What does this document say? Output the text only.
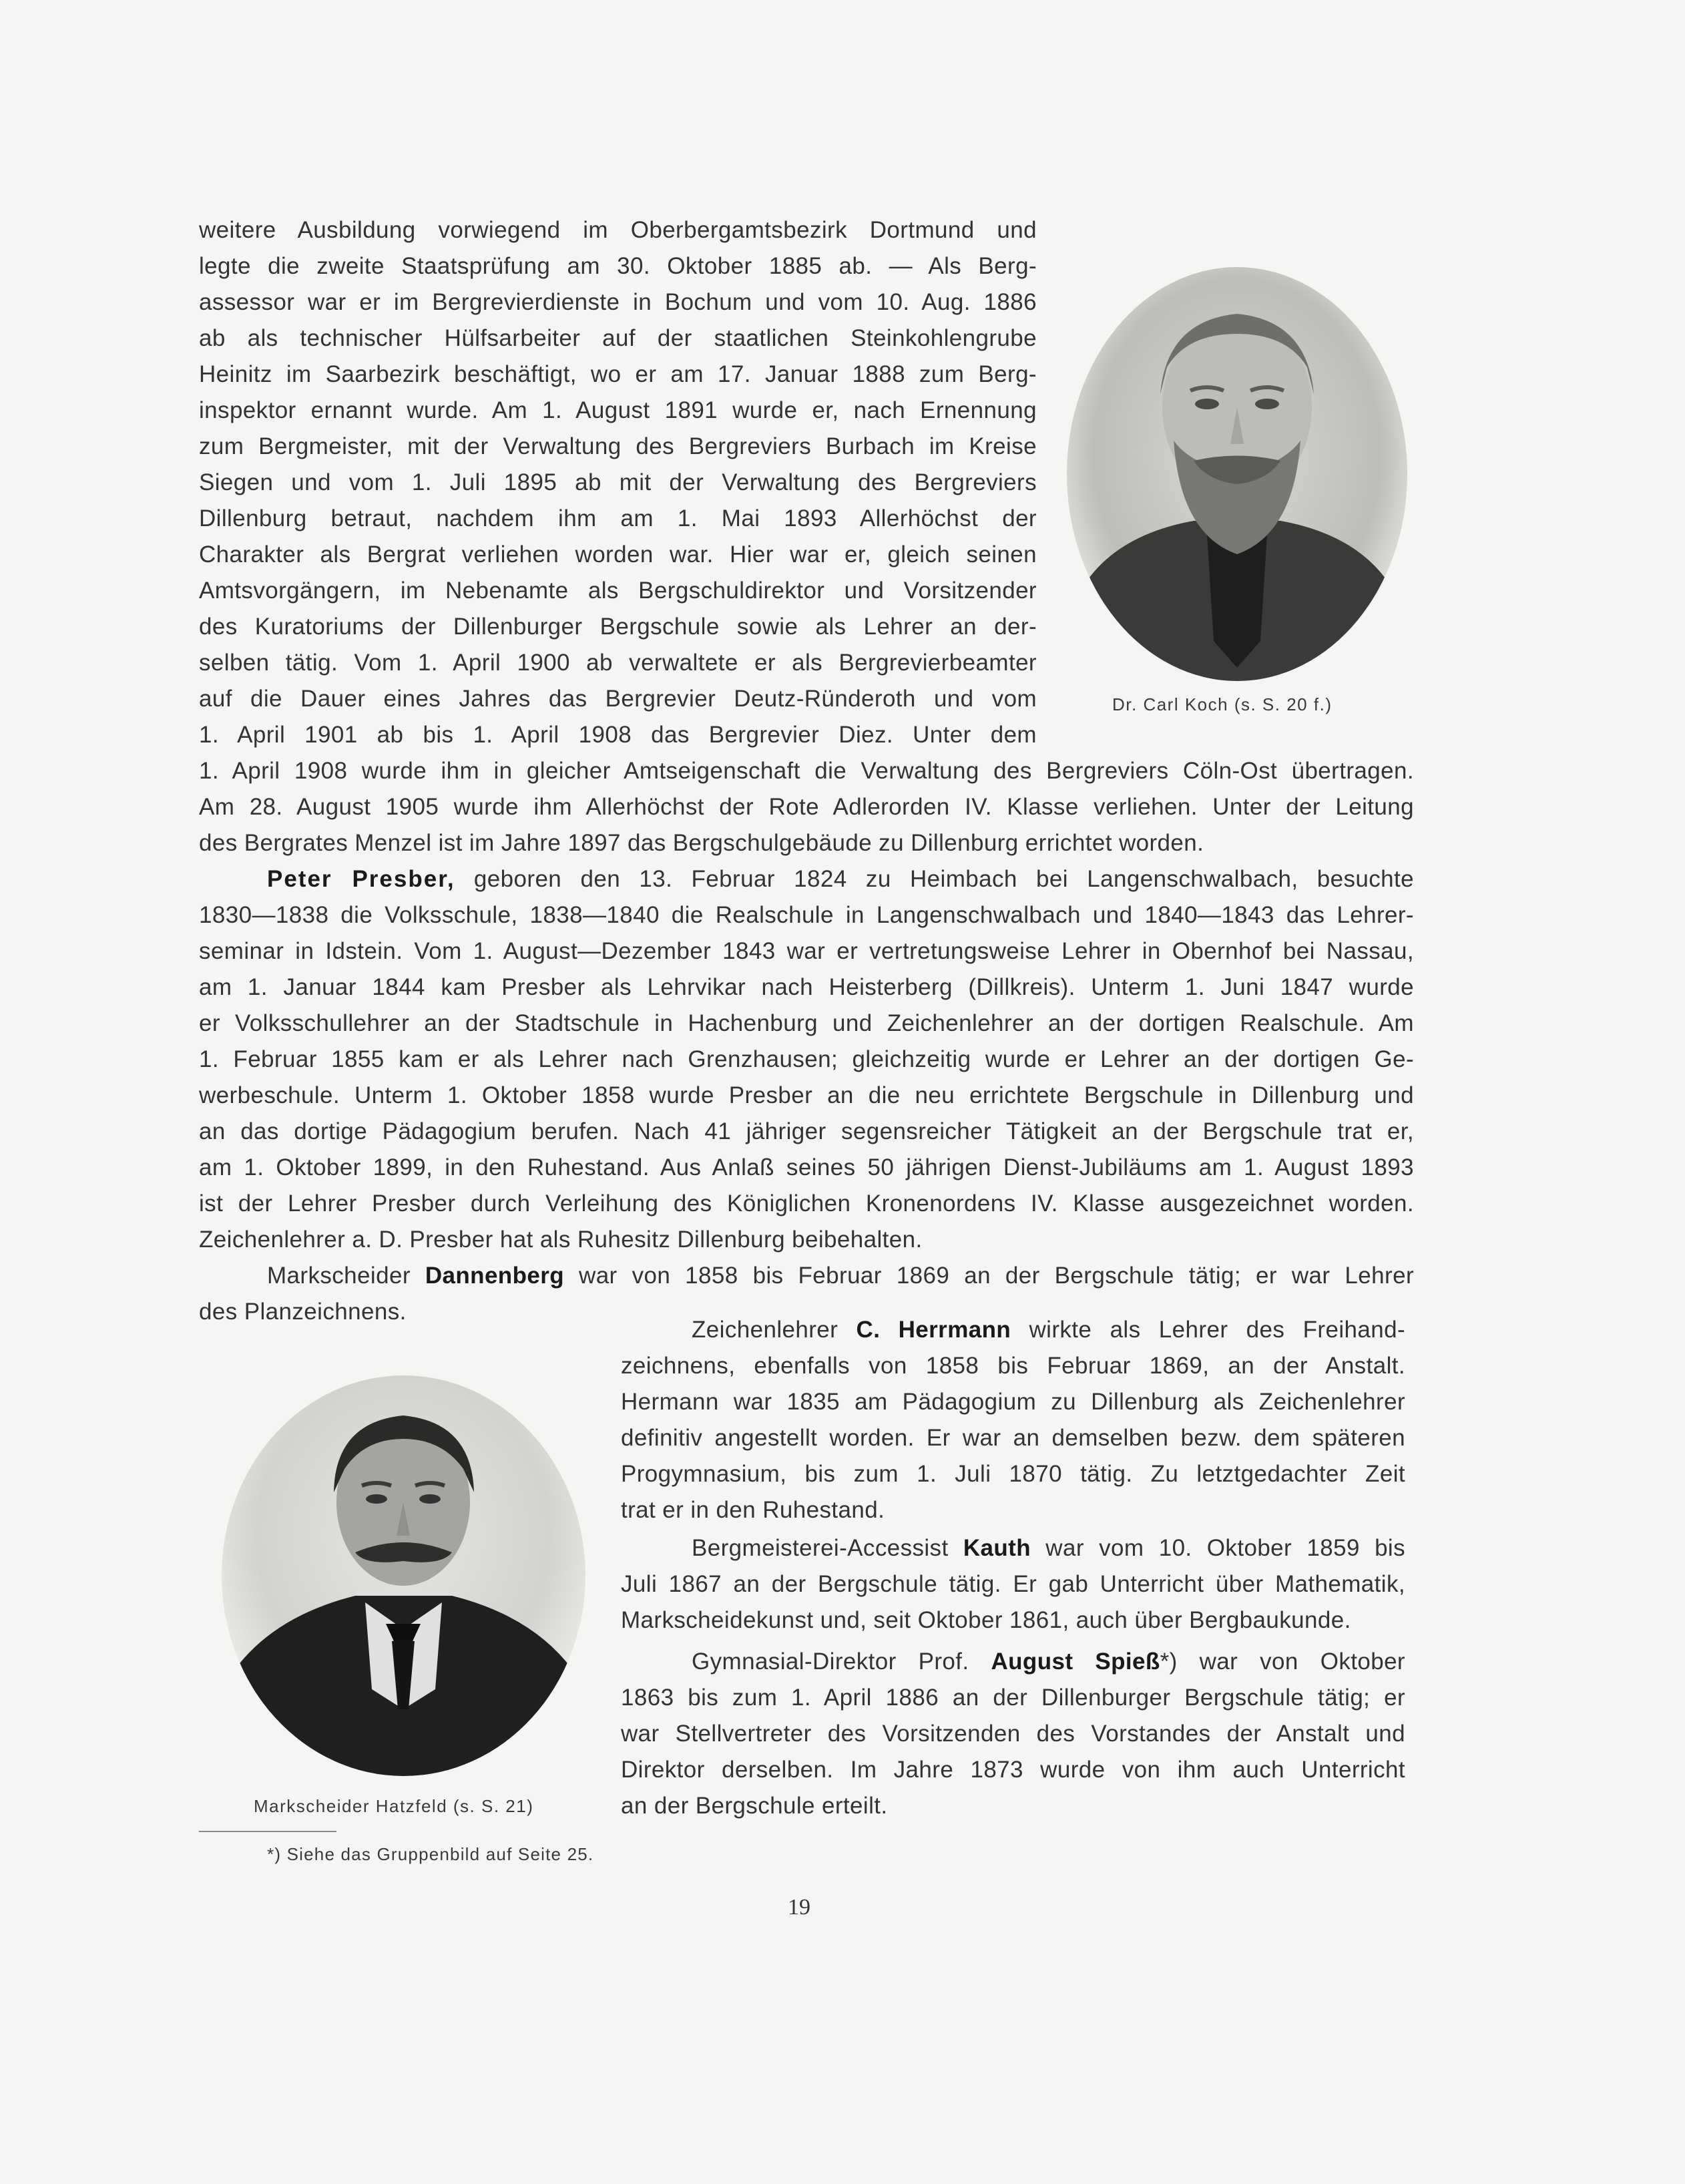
weitere Ausbildung vorwiegend im Oberbergamtsbezirk Dortmund und
legte die zweite Staatsprüfung am 30. Oktober 1885 ab. — Als Berg-
assessor war er im Bergrevierdienste in Bochum und vom 10. Aug. 1886
ab als technischer Hülfsarbeiter auf der staatlichen Steinkohlengrube
Heinitz im Saarbezirk beschäftigt, wo er am 17. Januar 1888 zum Berg-
inspektor ernannt wurde. Am 1. August 1891 wurde er, nach Ernennung
zum Bergmeister, mit der Verwaltung des Bergreviers Burbach im Kreise
Siegen und vom 1. Juli 1895 ab mit der Verwaltung des Bergreviers
Dillenburg betraut, nachdem ihm am 1. Mai 1893 Allerhöchst der
Charakter als Bergrat verliehen worden war. Hier war er, gleich seinen
Amtsvorgängern, im Nebenamte als Bergschuldirektor und Vorsitzender
des Kuratoriums der Dillenburger Bergschule sowie als Lehrer an der-
selben tätig. Vom 1. April 1900 ab verwaltete er als Bergrevierbeamter
auf die Dauer eines Jahres das Bergrevier Deutz-Ründeroth und vom
1. April 1901 ab bis 1. April 1908 das Bergrevier Diez. Unter dem
1. April 1908 wurde ihm in gleicher Amtseigenschaft die Verwaltung des Bergreviers Cöln-Ost übertragen.
Am 28. August 1905 wurde ihm Allerhöchst der Rote Adlerorden IV. Klasse verliehen. Unter der Leitung
des Bergrates Menzel ist im Jahre 1897 das Bergschulgebäude zu Dillenburg errichtet worden.
Peter Presber, geboren den 13. Februar 1824 zu Heimbach bei Langenschwalbach, besuchte
1830—1838 die Volksschule, 1838—1840 die Realschule in Langenschwalbach und 1840—1843 das Lehrer-
seminar in Idstein. Vom 1. August—Dezember 1843 war er vertretungsweise Lehrer in Obernhof bei Nassau,
am 1. Januar 1844 kam Presber als Lehrvikar nach Heisterberg (Dillkreis). Unterm 1. Juni 1847 wurde
er Volksschullehrer an der Stadtschule in Hachenburg und Zeichenlehrer an der dortigen Realschule. Am
1. Februar 1855 kam er als Lehrer nach Grenzhausen; gleichzeitig wurde er Lehrer an der dortigen Ge-
werbeschule. Unterm 1. Oktober 1858 wurde Presber an die neu errichtete Bergschule in Dillenburg und
an das dortige Pädagogium berufen. Nach 41 jähriger segensreicher Tätigkeit an der Bergschule trat er,
am 1. Oktober 1899, in den Ruhestand. Aus Anlaß seines 50 jährigen Dienst-Jubiläums am 1. August 1893
ist der Lehrer Presber durch Verleihung des Königlichen Kronenordens IV. Klasse ausgezeichnet worden.
Zeichenlehrer a. D. Presber hat als Ruhesitz Dillenburg beibehalten.
Markscheider Dannenberg war von 1858 bis Februar 1869 an der Bergschule tätig; er war Lehrer
des Planzeichnens.
Zeichenlehrer C. Herrmann wirkte als Lehrer des Freihand-
zeichnens, ebenfalls von 1858 bis Februar 1869, an der Anstalt.
Hermann war 1835 am Pädagogium zu Dillenburg als Zeichenlehrer
definitiv angestellt worden. Er war an demselben bezw. dem späteren
Progymnasium, bis zum 1. Juli 1870 tätig. Zu letztgedachter Zeit
trat er in den Ruhestand.
Bergmeisterei-Accessist Kauth war vom 10. Oktober 1859 bis
Juli 1867 an der Bergschule tätig. Er gab Unterricht über Mathematik,
Markscheidekunst und, seit Oktober 1861, auch über Bergbaukunde.
Gymnasial-Direktor Prof. August Spieß*) war von Oktober
1863 bis zum 1. April 1886 an der Dillenburger Bergschule tätig; er
war Stellvertreter des Vorsitzenden des Vorstandes der Anstalt und
Direktor derselben. Im Jahre 1873 wurde von ihm auch Unterricht
an der Bergschule erteilt.
Dr. Carl Koch (s. S. 20 f.)
Markscheider Hatzfeld (s. S. 21)
*) Siehe das Gruppenbild auf Seite 25.
19
